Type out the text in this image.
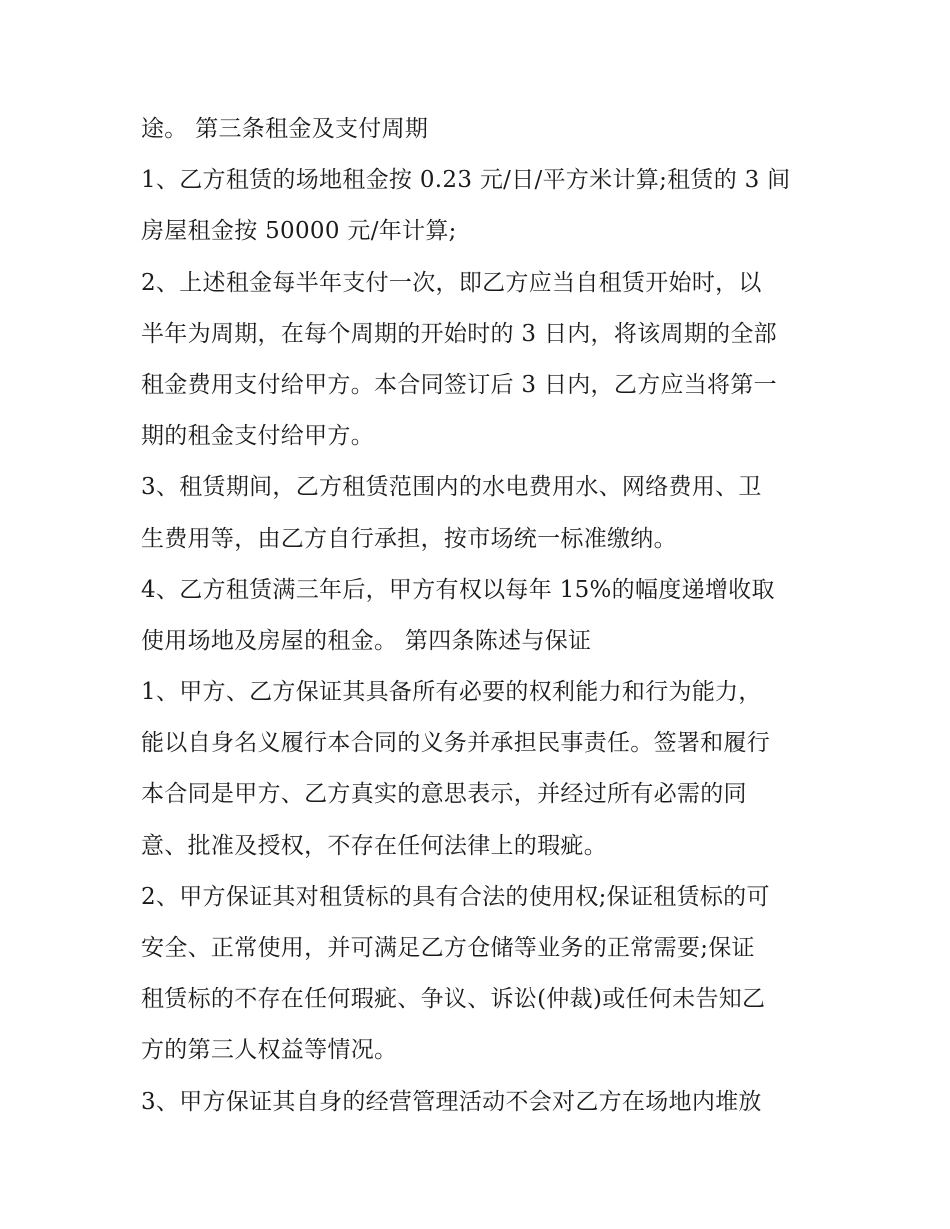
途。 第三条租金及支付周期
1、乙方租赁的场地租金按 0.23 元/日/平方米计算;租赁的 3 间
房屋租金按 50000 元/年计算;
2、上述租金每半年支付一次，即乙方应当自租赁开始时，以
半年为周期，在每个周期的开始时的 3 日内，将该周期的全部
租金费用支付给甲方。本合同签订后 3 日内，乙方应当将第一
期的租金支付给甲方。
3、租赁期间，乙方租赁范围内的水电费用水、网络费用、卫
生费用等，由乙方自行承担，按市场统一标准缴纳。
4、乙方租赁满三年后，甲方有权以每年 15%的幅度递增收取
使用场地及房屋的租金。 第四条陈述与保证
1、甲方、乙方保证其具备所有必要的权利能力和行为能力，
能以自身名义履行本合同的义务并承担民事责任。签署和履行
本合同是甲方、乙方真实的意思表示，并经过所有必需的同
意、批准及授权，不存在任何法律上的瑕疵。
2、甲方保证其对租赁标的具有合法的使用权;保证租赁标的可
安全、正常使用，并可满足乙方仓储等业务的正常需要;保证
租赁标的不存在任何瑕疵、争议、诉讼(仲裁)或任何未告知乙
方的第三人权益等情况。
3、甲方保证其自身的经营管理活动不会对乙方在场地内堆放
